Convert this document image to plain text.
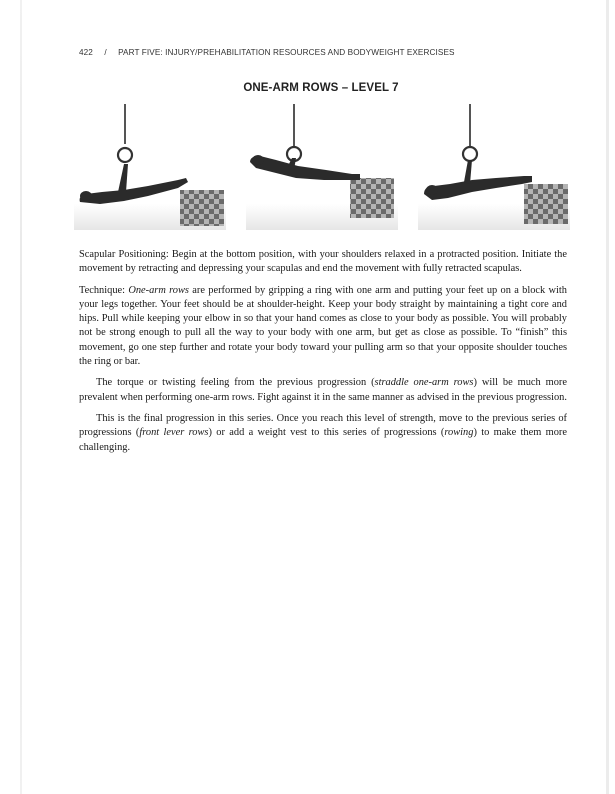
422 / PART FIVE: INJURY/PREHABILITATION RESOURCES AND BODYWEIGHT EXERCISES
ONE-ARM ROWS – LEVEL 7

Scapular Positioning: Begin at the bottom position, with your shoulders relaxed in a protracted position. Initiate the movement by retracting and depressing your scapulas and end the movement with fully retracted scapulas.

Technique: One-arm rows are performed by gripping a ring with one arm and putting your feet up on a block with your legs together. Your feet should be at shoulder-height. Keep your body straight by maintaining a tight core and hips. Pull while keeping your elbow in so that your hand comes as close to your body as possible. You will probably not be strong enough to pull all the way to your body with one arm, but get as close as possible. To “finish” this movement, go one step further and rotate your body toward your pulling arm so that your opposite shoulder touches the ring or bar.

The torque or twisting feeling from the previous progression (straddle one-arm rows) will be much more prevalent when performing one-arm rows. Fight against it in the same manner as advised in the previous progression.

This is the final progression in this series. Once you reach this level of strength, move to the previous series of progressions (front lever rows) or add a weight vest to this series of progressions (rowing) to make them more challenging.
